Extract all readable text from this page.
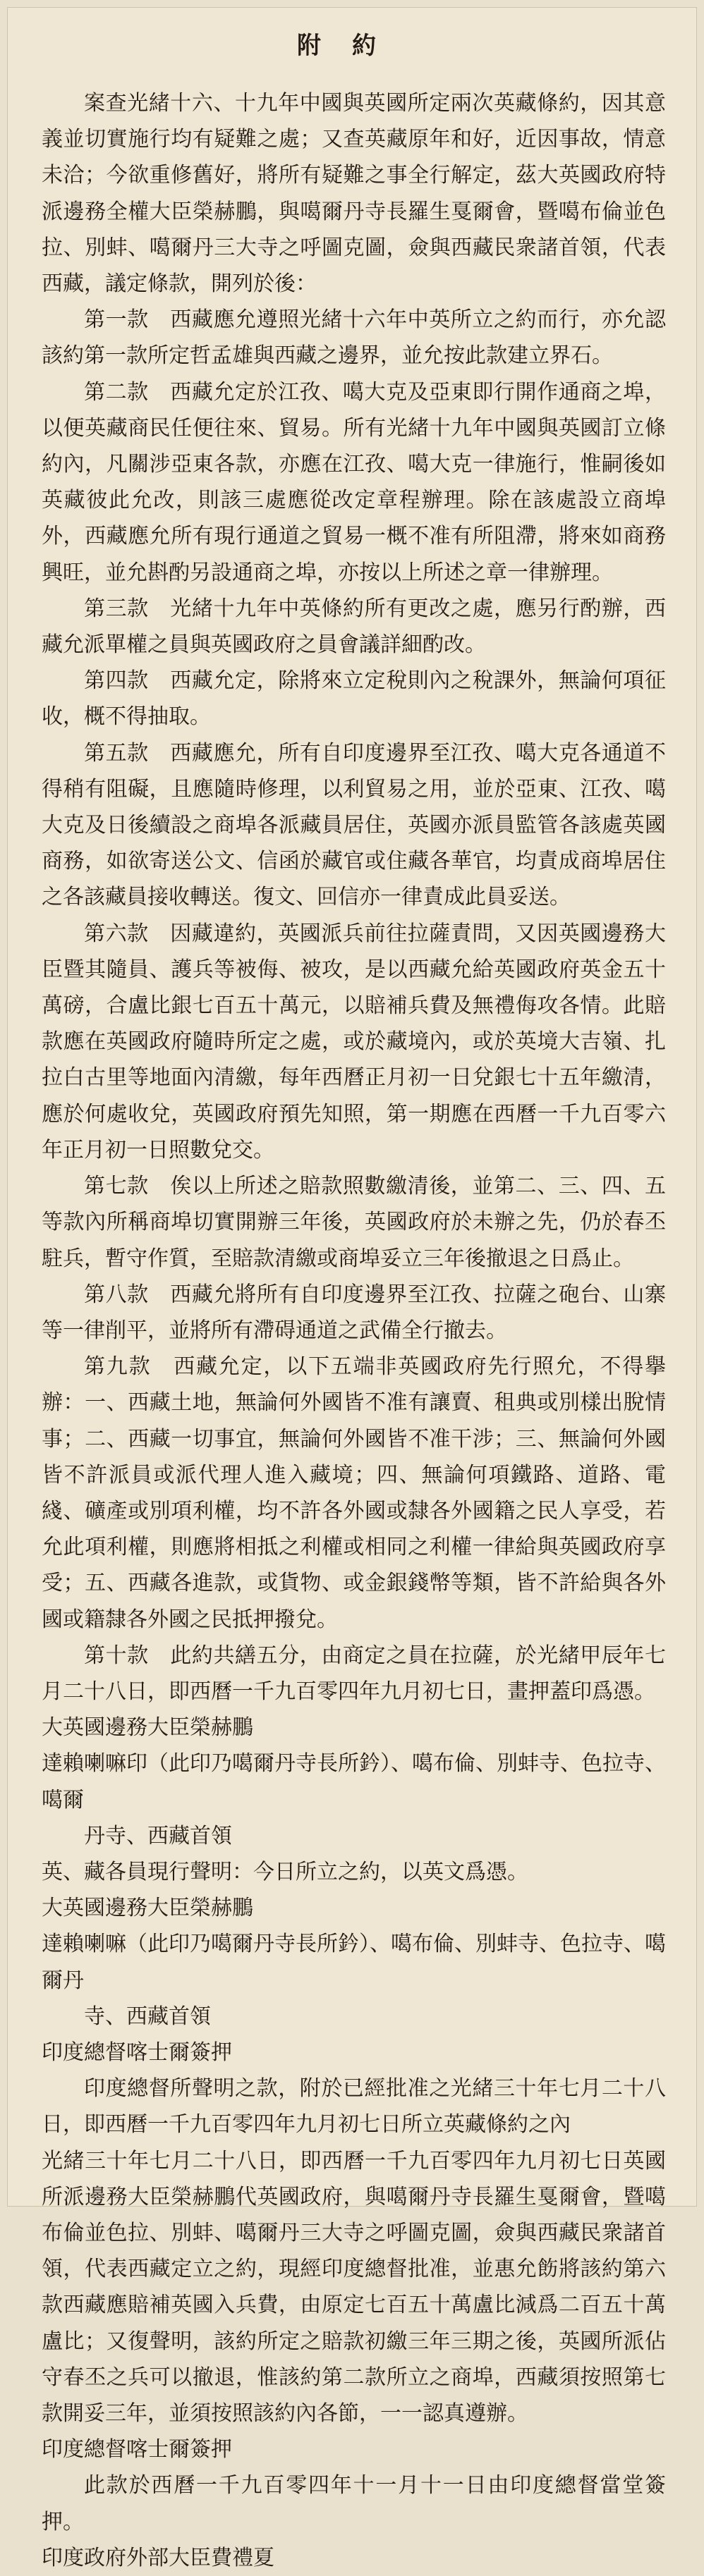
附約

案查光緒十六、十九年中國與英國所定兩次英藏條約，因其意義並切實施行均有疑難之處；又查英藏原年和好，近因事故，情意未洽；今欲重修舊好，將所有疑難之事全行解定，茲大英國政府特派邊務全權大臣榮赫鵬，與噶爾丹寺長羅生戛爾會，暨噶布倫並色拉、別蚌、噶爾丹三大寺之呼圖克圖，僉與西藏民衆諸首領，代表西藏，議定條款，開列於後：

第一款　西藏應允遵照光緒十六年中英所立之約而行，亦允認該約第一款所定哲孟雄與西藏之邊界，並允按此款建立界石。

第二款　西藏允定於江孜、噶大克及亞東即行開作通商之埠，以便英藏商民任便往來、貿易。所有光緒十九年中國與英國訂立條約內，凡關涉亞東各款，亦應在江孜、噶大克一律施行，惟嗣後如英藏彼此允改，則該三處應從改定章程辦理。除在該處設立商埠外，西藏應允所有現行通道之貿易一概不准有所阻滯，將來如商務興旺，並允斟酌另設通商之埠，亦按以上所述之章一律辦理。

第三款　光緒十九年中英條約所有更改之處，應另行酌辦，西藏允派單權之員與英國政府之員會議詳細酌改。

第四款　西藏允定，除將來立定稅則內之稅課外，無論何項征收，概不得抽取。

第五款　西藏應允，所有自印度邊界至江孜、噶大克各通道不得稍有阻礙，且應隨時修理，以利貿易之用，並於亞東、江孜、噶大克及日後續設之商埠各派藏員居住，英國亦派員監管各該處英國商務，如欲寄送公文、信函於藏官或住藏各華官，均責成商埠居住之各該藏員接收轉送。復文、回信亦一律責成此員妥送。

第六款　因藏違約，英國派兵前往拉薩責問，又因英國邊務大臣暨其隨員、護兵等被侮、被攻，是以西藏允給英國政府英金五十萬磅，合盧比銀七百五十萬元，以賠補兵費及無禮侮攻各情。此賠款應在英國政府隨時所定之處，或於藏境內，或於英境大吉嶺、扎拉白古里等地面內清繳，每年西曆正月初一日兌銀七十五年繳清，應於何處收兌，英國政府預先知照，第一期應在西曆一千九百零六年正月初一日照數兌交。

第七款　俟以上所述之賠款照數繳清後，並第二、三、四、五等款內所稱商埠切實開辦三年後，英國政府於未辦之先，仍於春丕駐兵，暫守作質，至賠款清繳或商埠妥立三年後撤退之日爲止。

第八款　西藏允將所有自印度邊界至江孜、拉薩之砲台、山寨等一律削平，並將所有滯碍通道之武備全行撤去。

第九款　西藏允定，以下五端非英國政府先行照允，不得擧辦：一、西藏土地，無論何外國皆不准有讓賣、租典或別樣出脫情事；二、西藏一切事宜，無論何外國皆不准干涉；三、無論何外國皆不許派員或派代理人進入藏境；四、無論何項鐵路、道路、電綫、礦產或別項利權，均不許各外國或隸各外國籍之民人享受，若允此項利權，則應將相抵之利權或相同之利權一律給與英國政府享受；五、西藏各進款，或貨物、或金銀錢幣等類，皆不許給與各外國或籍隸各外國之民抵押撥兌。

第十款　此約共繕五分，由商定之員在拉薩，於光緒甲辰年七月二十八日，即西曆一千九百零四年九月初七日，畫押蓋印爲憑。

大英國邊務大臣榮赫鵬

達賴喇嘛印（此印乃噶爾丹寺長所鈐）、噶布倫、別蚌寺、色拉寺、噶爾

丹寺、西藏首領

英、藏各員現行聲明：今日所立之約，以英文爲憑。

大英國邊務大臣榮赫鵬

達賴喇嘛（此印乃噶爾丹寺長所鈐）、噶布倫、別蚌寺、色拉寺、噶爾丹

寺、西藏首領

印度總督喀士爾簽押

印度總督所聲明之款，附於已經批准之光緒三十年七月二十八日，即西曆一千九百零四年九月初七日所立英藏條約之內

光緒三十年七月二十八日，即西曆一千九百零四年九月初七日英國所派邊務大臣榮赫鵬代英國政府，與噶爾丹寺長羅生戛爾會，暨噶布倫並色拉、別蚌、噶爾丹三大寺之呼圖克圖，僉與西藏民衆諸首領，代表西藏定立之約，現經印度總督批准，並惠允飭將該約第六款西藏應賠補英國入兵費，由原定七百五十萬盧比減爲二百五十萬盧比；又復聲明，該約所定之賠款初繳三年三期之後，英國所派佔守春丕之兵可以撤退，惟該約第二款所立之商埠，西藏須按照第七款開妥三年，並須按照該約內各節，一一認真遵辦。

印度總督喀士爾簽押

此款於西曆一千九百零四年十一月十一日由印度總督當堂簽押。

印度政府外部大臣費禮夏
